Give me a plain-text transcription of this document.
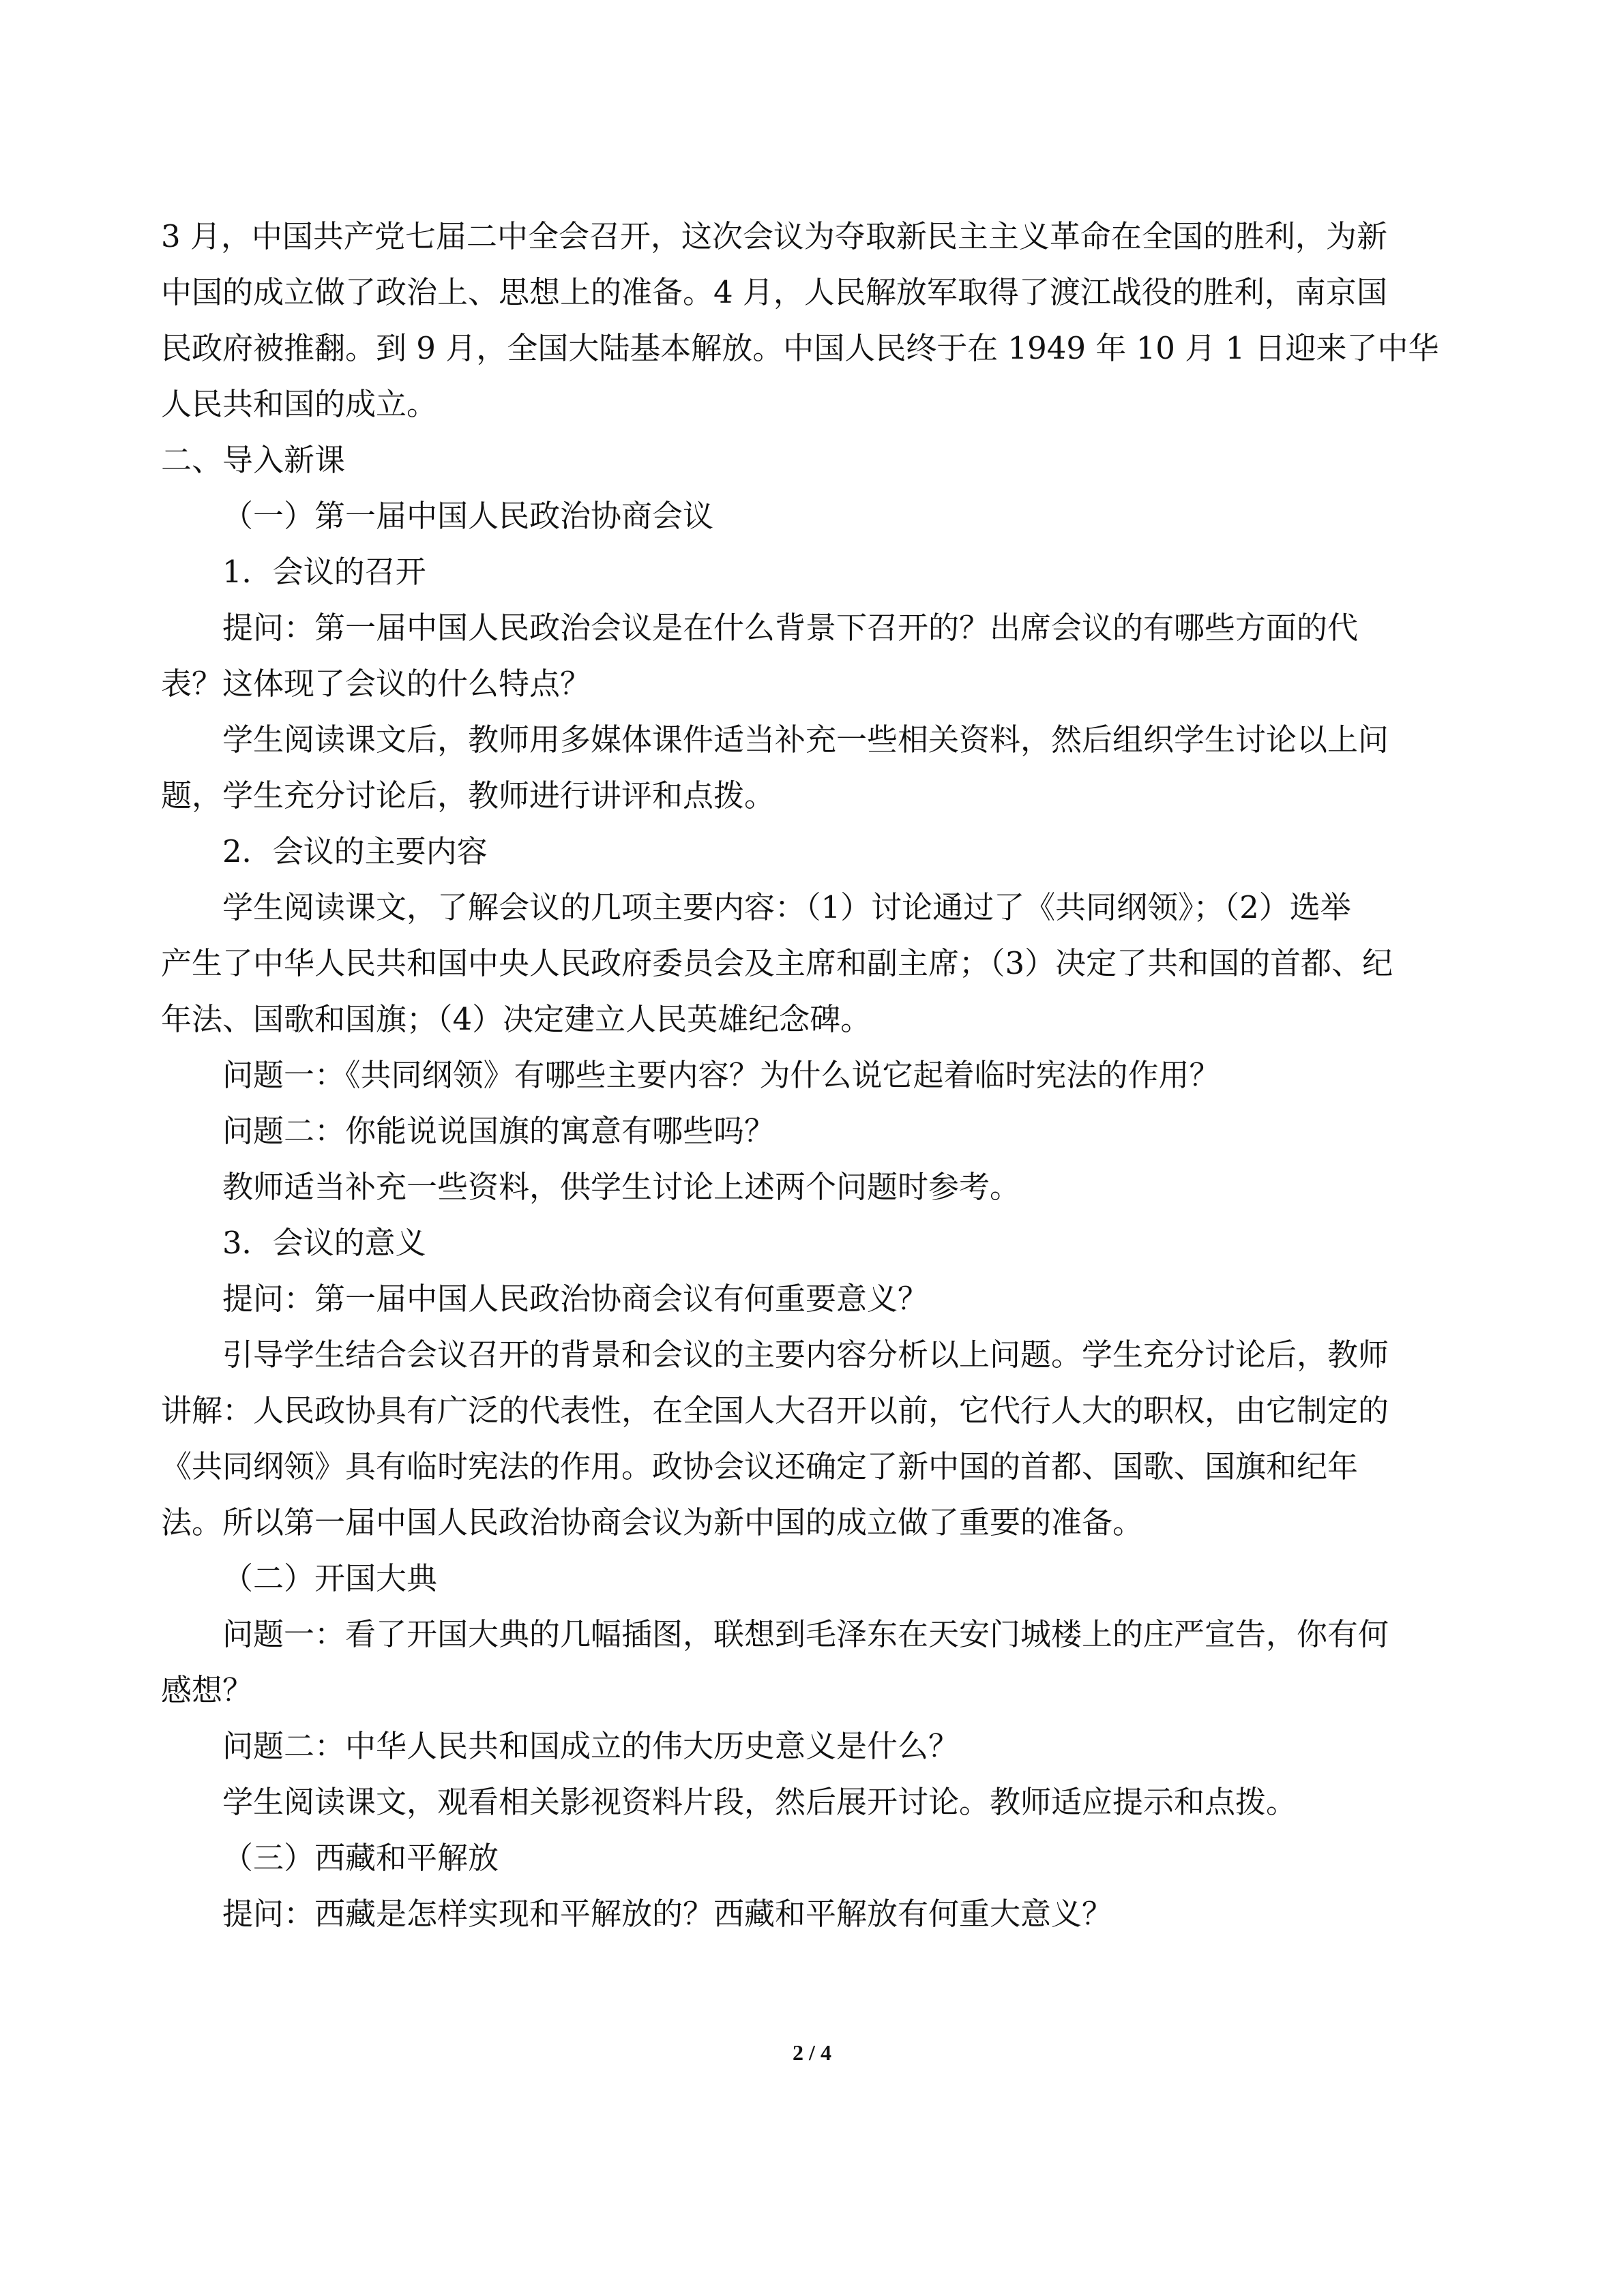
3 月，中国共产党七届二中全会召开，这次会议为夺取新民主主义革命在全国的胜利，为新
中国的成立做了政治上、思想上的准备。4 月，人民解放军取得了渡江战役的胜利，南京国
民政府被推翻。到 9 月，全国大陆基本解放。中国人民终于在 1949 年 10 月 1 日迎来了中华
人民共和国的成立。
二、导入新课
（一）第一届中国人民政治协商会议
1．会议的召开
提问：第一届中国人民政治会议是在什么背景下召开的？出席会议的有哪些方面的代
表？这体现了会议的什么特点？
学生阅读课文后，教师用多媒体课件适当补充一些相关资料，然后组织学生讨论以上问
题，学生充分讨论后，教师进行讲评和点拨。
2．会议的主要内容
学生阅读课文，了解会议的几项主要内容：（1）讨论通过了《共同纲领》；（2）选举
产生了中华人民共和国中央人民政府委员会及主席和副主席；（3）决定了共和国的首都、纪
年法、国歌和国旗；（4）决定建立人民英雄纪念碑。
问题一：《共同纲领》有哪些主要内容？为什么说它起着临时宪法的作用？
问题二：你能说说国旗的寓意有哪些吗？
教师适当补充一些资料，供学生讨论上述两个问题时参考。
3．会议的意义
提问：第一届中国人民政治协商会议有何重要意义？
引导学生结合会议召开的背景和会议的主要内容分析以上问题。学生充分讨论后，教师
讲解：人民政协具有广泛的代表性，在全国人大召开以前，它代行人大的职权，由它制定的
《共同纲领》具有临时宪法的作用。政协会议还确定了新中国的首都、国歌、国旗和纪年
法。所以第一届中国人民政治协商会议为新中国的成立做了重要的准备。
（二）开国大典
问题一：看了开国大典的几幅插图，联想到毛泽东在天安门城楼上的庄严宣告，你有何
感想？
问题二：中华人民共和国成立的伟大历史意义是什么？
学生阅读课文，观看相关影视资料片段，然后展开讨论。教师适应提示和点拨。
（三）西藏和平解放
提问：西藏是怎样实现和平解放的？西藏和平解放有何重大意义？
2 / 4
